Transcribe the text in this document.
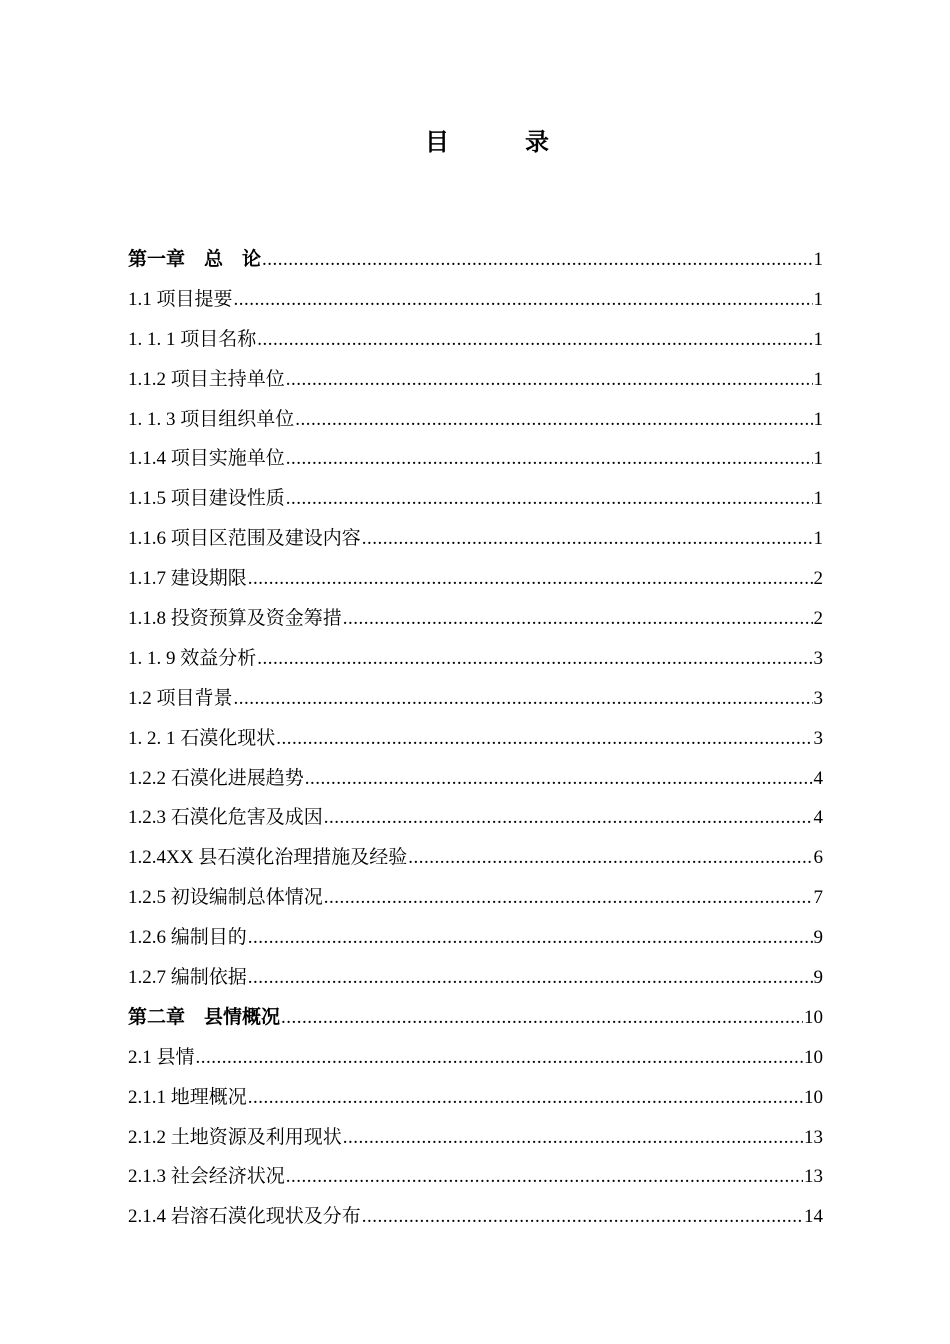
目　录
第一章　总　论 .....	1
1.1 项目提要 .....	1
1. 1. 1 项目名称 .....	1
1.1.2 项目主持单位 .....	1
1. 1. 3 项目组织单位 .....	1
1.1.4 项目实施单位 .....	1
1.1.5 项目建设性质 .....	1
1.1.6 项目区范围及建设内容 .....	1
1.1.7 建设期限 .....	2
1.1.8 投资预算及资金筹措 .....	2
1. 1. 9 效益分析 .....	3
1.2 项目背景 .....	3
1. 2. 1 石漠化现状 .....	3
1.2.2 石漠化进展趋势 .....	4
1.2.3 石漠化危害及成因 .....	4
1.2.4XX 县石漠化治理措施及经验 .....	6
1.2.5 初设编制总体情况 .....	7
1.2.6 编制目的 .....	9
1.2.7 编制依据 .....	9
第二章　县情概况 .....	10
2.1 县情 .....	10
2.1.1 地理概况 .....	10
2.1.2 土地资源及利用现状 .....	13
2.1.3 社会经济状况 .....	13
2.1.4 岩溶石漠化现状及分布 .....	14
